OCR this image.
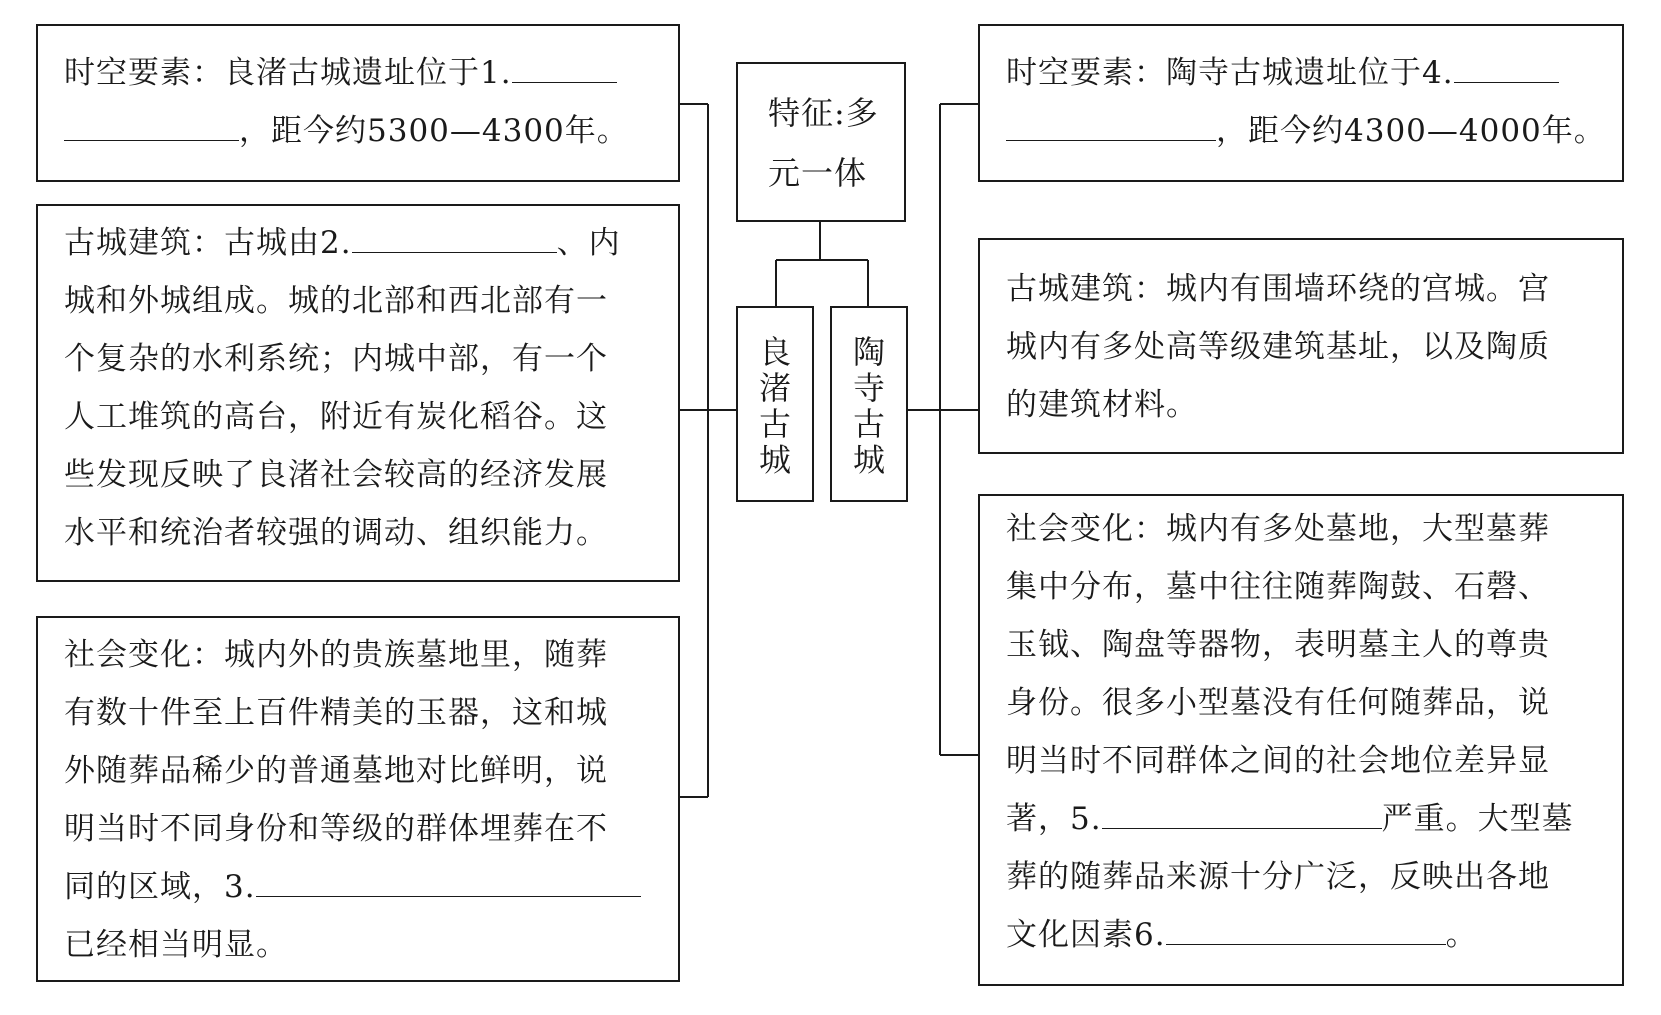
特征:多
元一体
良
渚
古
城
陶
寺
古
城
时空要素：良渚古城遗址位于1.
，距今约5300—4300年。
古城建筑：古城由2.	、内
城和外城组成。城的北部和西北部有一
个复杂的水利系统；内城中部，有一个
人工堆筑的高台，附近有炭化稻谷。这
些发现反映了良渚社会较高的经济发展
水平和统治者较强的调动、组织能力。
社会变化：城内外的贵族墓地里，随葬
有数十件至上百件精美的玉器，这和城
外随葬品稀少的普通墓地对比鲜明，说
明当时不同身份和等级的群体埋葬在不
同的区域，3.
已经相当明显。
时空要素：陶寺古城遗址位于4.
，距今约4300—4000年。
古城建筑：城内有围墙环绕的宫城。宫
城内有多处高等级建筑基址，以及陶质
的建筑材料。
社会变化：城内有多处墓地，大型墓葬
集中分布，墓中往往随葬陶鼓、石磬、
玉钺、陶盘等器物，表明墓主人的尊贵
身份。很多小型墓没有任何随葬品，说
明当时不同群体之间的社会地位差异显
著，5.	严重。大型墓
葬的随葬品来源十分广泛，反映出各地
文化因素6.	。
